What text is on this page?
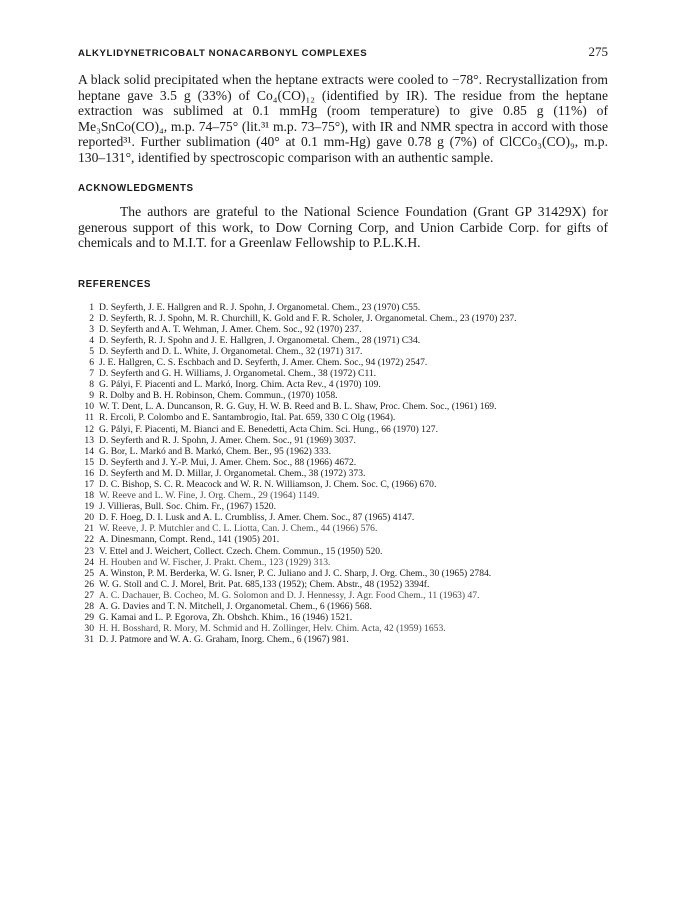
ALKYLIDYNETRICOBALT NONACARBONYL COMPLEXES	275

A black solid precipitated when the heptane extracts were cooled to −78°. Recrystallization from heptane gave 3.5 g (33%) of Co₄(CO)₁₂ (identified by IR). The residue from the heptane extraction was sublimed at 0.1 mmHg (room temperature) to give 0.85 g (11%) of Me₃SnCo(CO)₄, m.p. 74–75° (lit.³¹ m.p. 73–75°), with IR and NMR spectra in accord with those reported³¹. Further sublimation (40° at 0.1 mm-Hg) gave 0.78 g (7%) of ClCCo₃(CO)₉, m.p. 130–131°, identified by spectroscopic comparison with an authentic sample.

ACKNOWLEDGMENTS

The authors are grateful to the National Science Foundation (Grant GP 31429X) for generous support of this work, to Dow Corning Corp, and Union Carbide Corp. for gifts of chemicals and to M.I.T. for a Greenlaw Fellowship to P.L.K.H.

REFERENCES
1 D. Seyferth, J. E. Hallgren and R. J. Spohn, J. Organometal. Chem., 23 (1970) C55.
2 D. Seyferth, R. J. Spohn, M. R. Churchill, K. Gold and F. R. Scholer, J. Organometal. Chem., 23 (1970) 237.
3 D. Seyferth and A. T. Wehman, J. Amer. Chem. Soc., 92 (1970) 237.
4 D. Seyferth, R. J. Spohn and J. E. Hallgren, J. Organometal. Chem., 28 (1971) C34.
5 D. Seyferth and D. L. White, J. Organometal. Chem., 32 (1971) 317.
6 J. E. Hallgren, C. S. Eschbach and D. Seyferth, J. Amer. Chem. Soc., 94 (1972) 2547.
7 D. Seyferth and G. H. Williams, J. Organometal. Chem., 38 (1972) C11.
8 G. Pályi, F. Piacenti and L. Markó, Inorg. Chim. Acta Rev., 4 (1970) 109.
9 R. Dolby and B. H. Robinson, Chem. Commun., (1970) 1058.
10 W. T. Dent, L. A. Duncanson, R. G. Guy, H. W. B. Reed and B. L. Shaw, Proc. Chem. Soc., (1961) 169.
11 R. Ercoli, P. Colombo and E. Santambrogio, Ital. Pat. 659, 330 C Olg (1964).
12 G. Pályi, F. Piacenti, M. Bianci and E. Benedetti, Acta Chim. Sci. Hung., 66 (1970) 127.
13 D. Seyferth and R. J. Spohn, J. Amer. Chem. Soc., 91 (1969) 3037.
14 G. Bor, L. Markó and B. Markó, Chem. Ber., 95 (1962) 333.
15 D. Seyferth and J. Y.-P. Mui, J. Amer. Chem. Soc., 88 (1966) 4672.
16 D. Seyferth and M. D. Millar, J. Organometal. Chem., 38 (1972) 373.
17 D. C. Bishop, S. C. R. Meacock and W. R. N. Williamson, J. Chem. Soc. C, (1966) 670.
18 W. Reeve and L. W. Fine, J. Org. Chem., 29 (1964) 1149.
19 J. Villieras, Bull. Soc. Chim. Fr., (1967) 1520.
20 D. F. Hoeg, D. I. Lusk and A. L. Crumbliss, J. Amer. Chem. Soc., 87 (1965) 4147.
21 W. Reeve, J. P. Mutchler and C. L. Liotta, Can. J. Chem., 44 (1966) 576.
22 A. Dinesmann, Compt. Rend., 141 (1905) 201.
23 V. Ettel and J. Weichert, Collect. Czech. Chem. Commun., 15 (1950) 520.
24 H. Houben and W. Fischer, J. Prakt. Chem., 123 (1929) 313.
25 A. Winston, P. M. Berderka, W. G. Isner, P. C. Juliano and J. C. Sharp, J. Org. Chem., 30 (1965) 2784.
26 W. G. Stoll and C. J. Morel, Brit. Pat. 685,133 (1952); Chem. Abstr., 48 (1952) 3394f.
27 A. C. Dachauer, B. Cocheo, M. G. Solomon and D. J. Hennessy, J. Agr. Food Chem., 11 (1963) 47.
28 A. G. Davies and T. N. Mitchell, J. Organometal. Chem., 6 (1966) 568.
29 G. Kamai and L. P. Egorova, Zh. Obshch. Khim., 16 (1946) 1521.
30 H. H. Bosshard, R. Mory, M. Schmid and H. Zollinger, Helv. Chim. Acta, 42 (1959) 1653.
31 D. J. Patmore and W. A. G. Graham, Inorg. Chem., 6 (1967) 981.
